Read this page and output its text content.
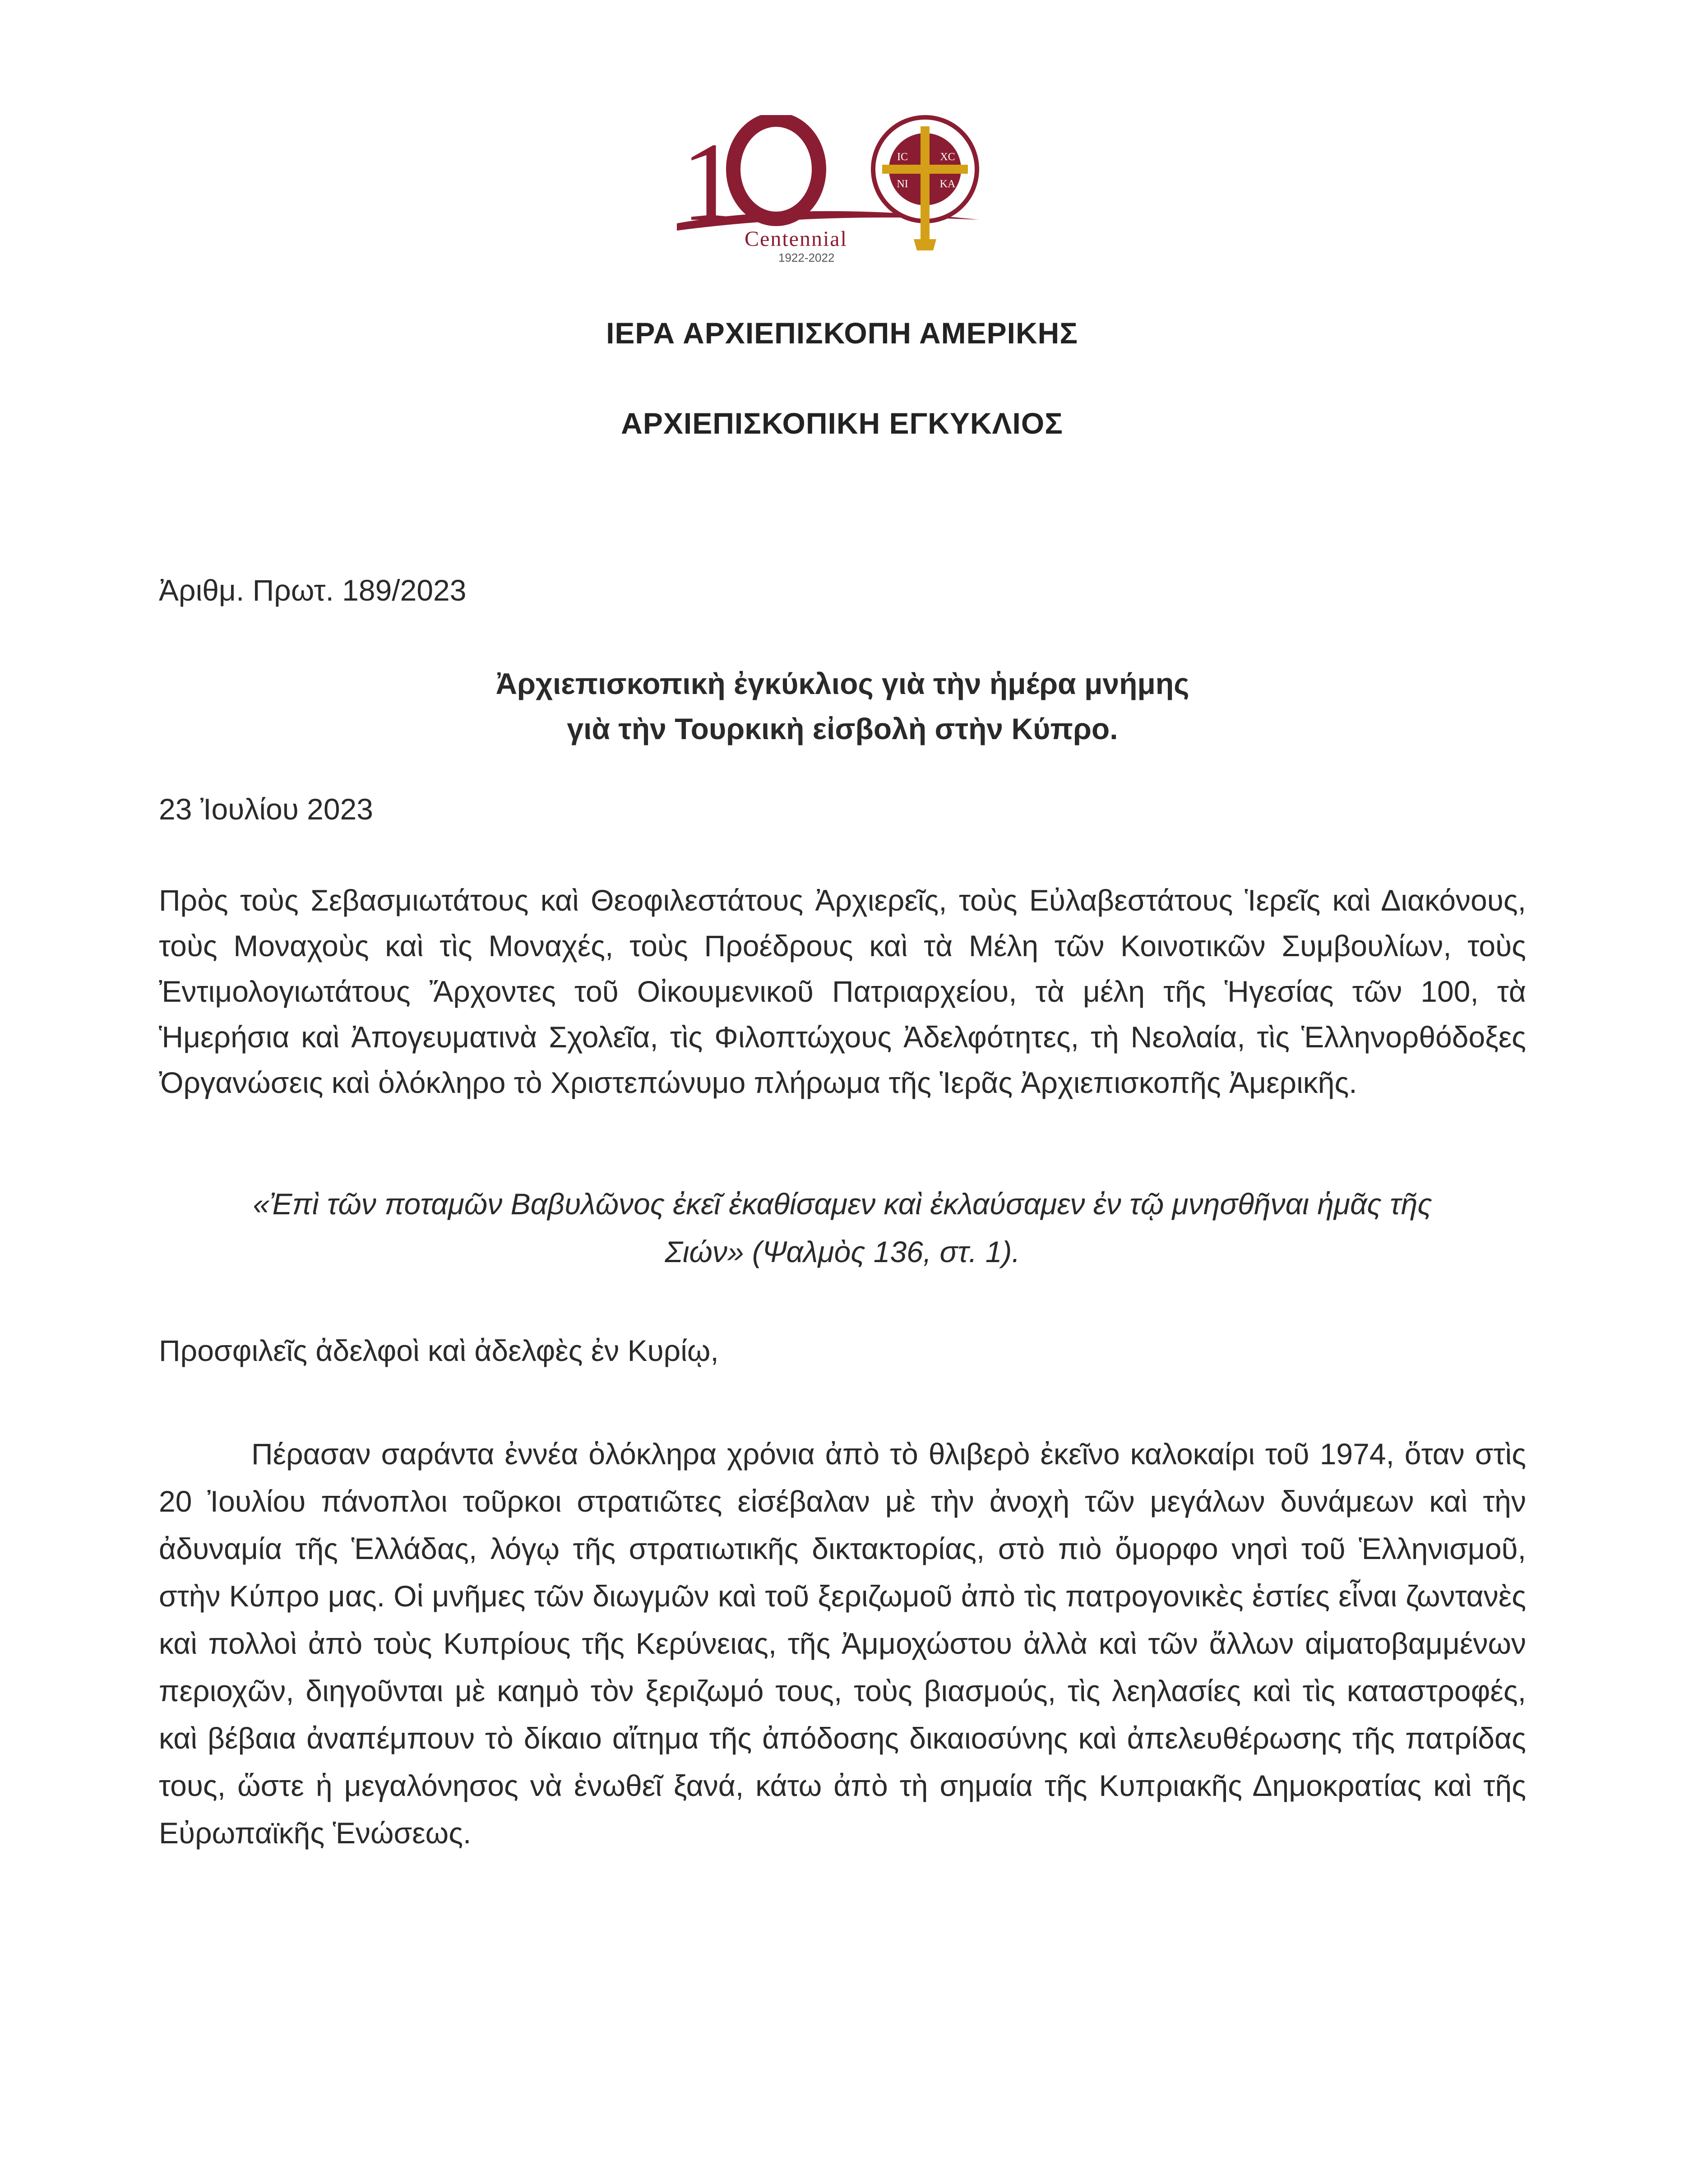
1	IC	XC
NI	KA
Centennial
1922-2022
ΙΕΡΑ ΑΡΧΙΕΠΙΣΚΟΠΗ ΑΜΕΡΙΚΗΣ
ΑΡΧΙΕΠΙΣΚΟΠΙΚΗ ΕΓΚΥΚΛΙΟΣ
Ἀριθμ. Πρωτ. 189/2023
Ἀρχιεπισκοπικὴ ἐγκύκλιος γιὰ τὴν ἡμέρα μνήμης
γιὰ τὴν Τουρκικὴ εἰσβολὴ στὴν Κύπρο.
23 Ἰουλίου 2023
Πρὸς τοὺς Σεβασμιωτάτους καὶ Θεοφιλεστάτους Ἀρχιερεῖς, τοὺς Εὐλαβεστάτους Ἱερεῖς καὶ Διακόνους, τοὺς Μοναχοὺς καὶ τὶς Μοναχές, τοὺς Προέδρους καὶ τὰ Μέλη τῶν Κοινοτικῶν Συμβουλίων, τοὺς Ἐντιμολογιωτάτους Ἄρχοντες τοῦ Οἰκουμενικοῦ Πατριαρχείου, τὰ μέλη τῆς Ἡγεσίας τῶν 100, τὰ Ἡμερήσια καὶ Ἀπογευματινὰ Σχολεῖα, τὶς Φιλοπτώχους Ἀδελφότητες, τὴ Νεολαία, τὶς Ἑλληνορθόδοξες Ὀργανώσεις καὶ ὁλόκληρο τὸ Χριστεπώνυμο πλήρωμα τῆς Ἱερᾶς Ἀρχιεπισκοπῆς Ἀμερικῆς.
«Ἐπὶ τῶν ποταμῶν Βαβυλῶνος ἐκεῖ ἐκαθίσαμεν καὶ ἐκλαύσαμεν ἐν τῷ μνησθῆναι ἡμᾶς τῆς
Σιών» (Ψαλμὸς 136, στ. 1).
Προσφιλεῖς ἀδελφοὶ καὶ ἀδελφὲς ἐν Κυρίῳ,
Πέρασαν σαράντα ἐννέα ὁλόκληρα χρόνια ἀπὸ τὸ θλιβερὸ ἐκεῖνο καλοκαίρι τοῦ 1974, ὅταν στὶς 20 Ἰουλίου πάνοπλοι τοῦρκοι στρατιῶτες εἰσέβαλαν μὲ τὴν ἀνοχὴ τῶν μεγάλων δυνάμεων καὶ τὴν ἀδυναμία τῆς Ἑλλάδας, λόγῳ τῆς στρατιωτικῆς δικτακτορίας, στὸ πιὸ ὄμορφο νησὶ τοῦ Ἑλληνισμοῦ, στὴν Κύπρο μας. Οἱ μνῆμες τῶν διωγμῶν καὶ τοῦ ξεριζωμοῦ ἀπὸ τὶς πατρογονικὲς ἑστίες εἶναι ζωντανὲς καὶ πολλοὶ ἀπὸ τοὺς Κυπρίους τῆς Κερύνειας, τῆς Ἀμμοχώστου ἀλλὰ καὶ τῶν ἄλλων αἱματοβαμμένων περιοχῶν, διηγοῦνται μὲ καημὸ τὸν ξεριζωμό τους, τοὺς βιασμούς, τὶς λεηλασίες καὶ τὶς καταστροφές, καὶ βέβαια ἀναπέμπουν τὸ δίκαιο αἴτημα τῆς ἀπόδοσης δικαιοσύνης καὶ ἀπελευθέρωσης τῆς πατρίδας τους, ὥστε ἡ μεγαλόνησος νὰ ἑνωθεῖ ξανά, κάτω ἀπὸ τὴ σημαία τῆς Κυπριακῆς Δημοκρατίας καὶ τῆς Εὐρωπαϊκῆς Ἑνώσεως.
